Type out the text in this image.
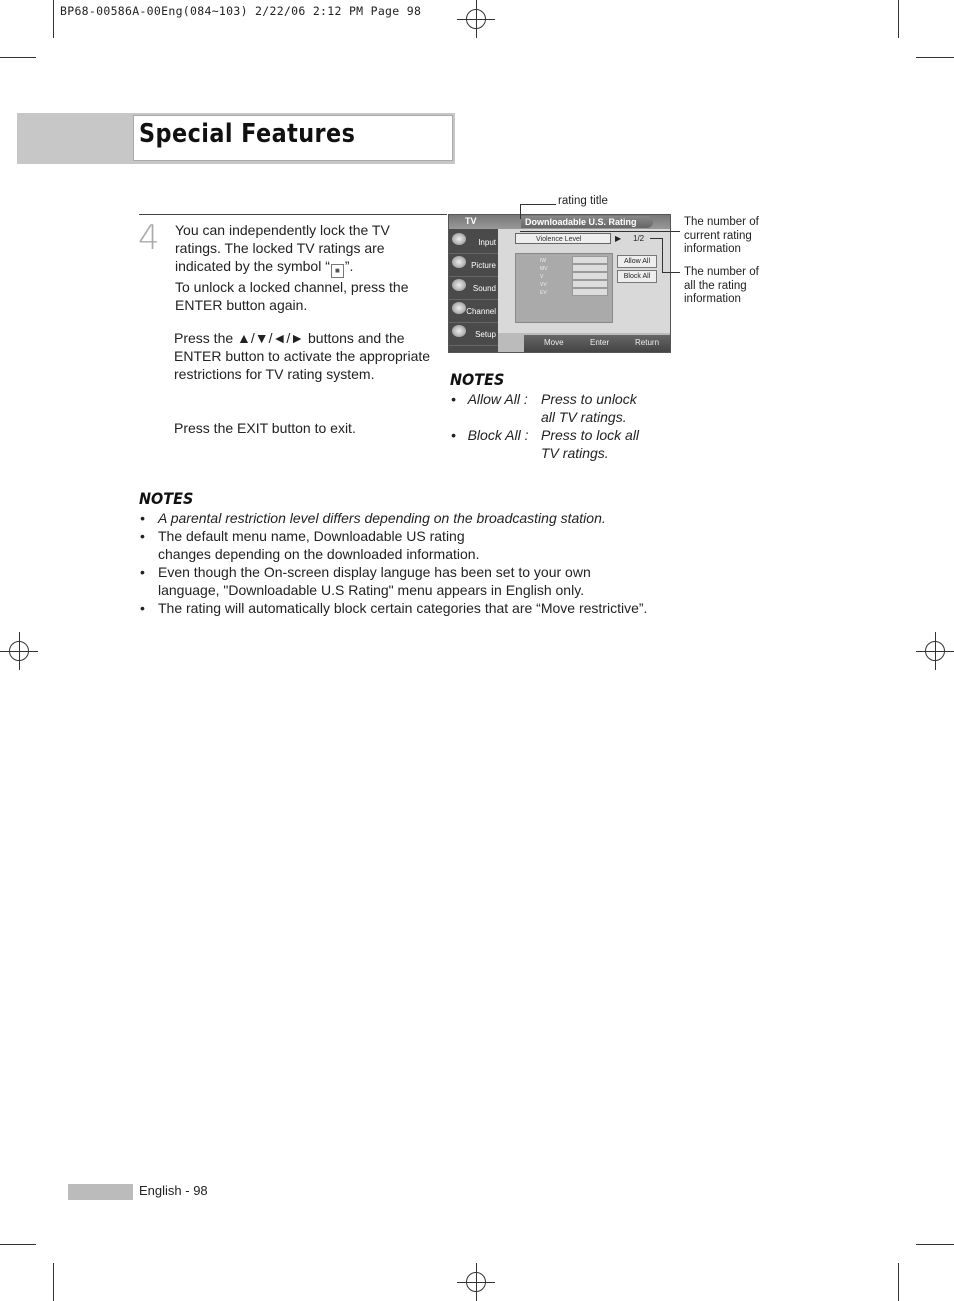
BP68-00586A-00Eng(084~103) 2/22/06 2:12 PM Page 98
Special Features
4 You can independently lock the TV
ratings. The locked TV ratings are
indicated by the symbol “ ■ ”.
To unlock a locked channel, press the
ENTER button again.
Press the ▲/▼/◄/► buttons and the
ENTER button to activate the appropriate
restrictions for TV rating system.
Press the EXIT button to exit.
TV
Input
Picture
Sound
Channel
Setup
Downloadable U.S. Rating
Violence Level	▶ 1/2
IW
MV
V
VV
EV
Allow All
Block All
Move	Enter	Return
rating title
The number of
current rating
information
The number of
all the rating
information
NOTES
•   Allow All : Press to unlock
all TV ratings.
•   Block All : Press to lock all
TV ratings.
NOTES
• A parental restriction level differs depending on the broadcasting station.
• The default menu name, Downloadable US rating
changes depending on the downloaded information.
• Even though the On-screen display languge has been set to your own
language, "Downloadable U.S Rating" menu appears in English only.
• The rating will automatically block certain categories that are “Move restrictive”.
English - 98
